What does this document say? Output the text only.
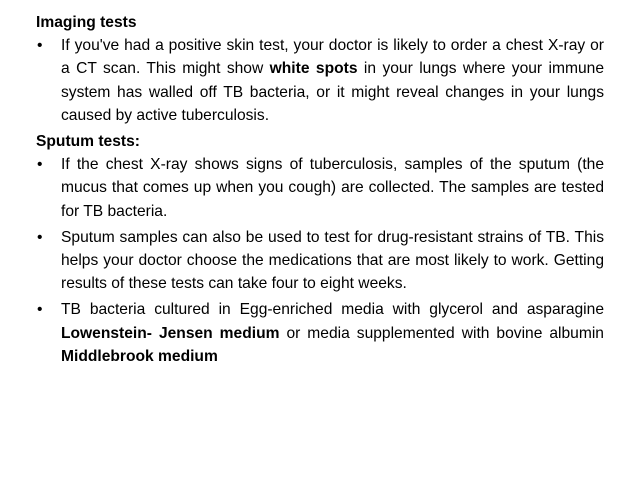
Imaging tests
• If you've had a positive skin test, your doctor is likely to order a chest X-ray or a CT scan. This might show white spots in your lungs where your immune system has walled off TB bacteria, or it might reveal changes in your lungs caused by active tuberculosis.
Sputum tests:
• If the chest X-ray shows signs of tuberculosis, samples of the sputum (the mucus that comes up when you cough) are collected. The samples are tested for TB bacteria.
• Sputum samples can also be used to test for drug-resistant strains of TB. This helps your doctor choose the medications that are most likely to work. Getting results of these tests can take four to eight weeks.
• TB bacteria cultured in Egg-enriched media with glycerol and asparagine Lowenstein- Jensen medium or media supplemented with bovine albumin Middlebrook medium
